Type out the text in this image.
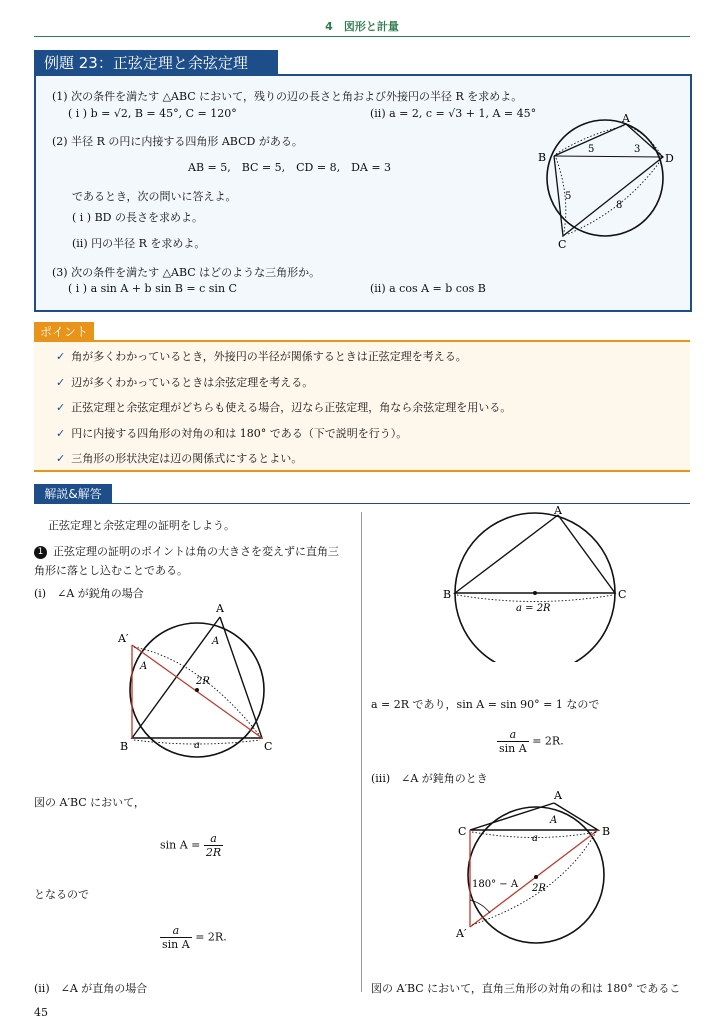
4　図形と計量
例題 23：正弦定理と余弦定理
(1) 次の条件を満たす △ABC において，残りの辺の長さと角および外接円の半径 R を求めよ。
( i ) b = √2, B = 45°, C = 120°	(ii) a = 2, c = √3 + 1, A = 45°
(2) 半径 R の円に内接する四角形 ABCD がある。
AB = 5,　BC = 5,　CD = 8,　DA = 3
であるとき，次の問いに答えよ。
( i ) BD の長さを求めよ。
(ii) 円の半径 R を求めよ。
(3) 次の条件を満たす △ABC はどのような三角形か。
( i ) a sin A + b sin B = c sin C	(ii) a cos A = b cos B
A
B	D
C
5	3
5
8
ポイント
✓ 角が多くわかっているとき，外接円の半径が関係するときは正弦定理を考える。
✓ 辺が多くわかっているときは余弦定理を考える。
✓ 正弦定理と余弦定理がどちらも使える場合，辺なら正弦定理，角なら余弦定理を用いる。
✓ 円に内接する四角形の対角の和は 180° である（下で説明を行う）。
✓ 三角形の形状決定は辺の関係式にするとよい。
解説&解答
正弦定理と余弦定理の証明をしよう。
1 正弦定理の証明のポイントは角の大きさを変えずに直角三
角形に落とし込むことである。
(i)　∠A が鋭角の場合
A
A′
B	C
A
A
2R
a
図の A′BC において，
$\sin A = \frac{a}{2R}$
となるので
$\frac{a}{\text{sin A}} = 2R$.
(ii)　∠A が直角の場合
A
B	C
a = 2R
a = 2R であり，sin A = sin 90° = 1 なので
$\frac{a}{\text{sin A}} = 2R$.
(iii)　∠A が鈍角のとき
A
C	B
A′
A
180° − A 2R
a
図の A′BC において，直角三角形の対角の和は 180° であるこ
45
